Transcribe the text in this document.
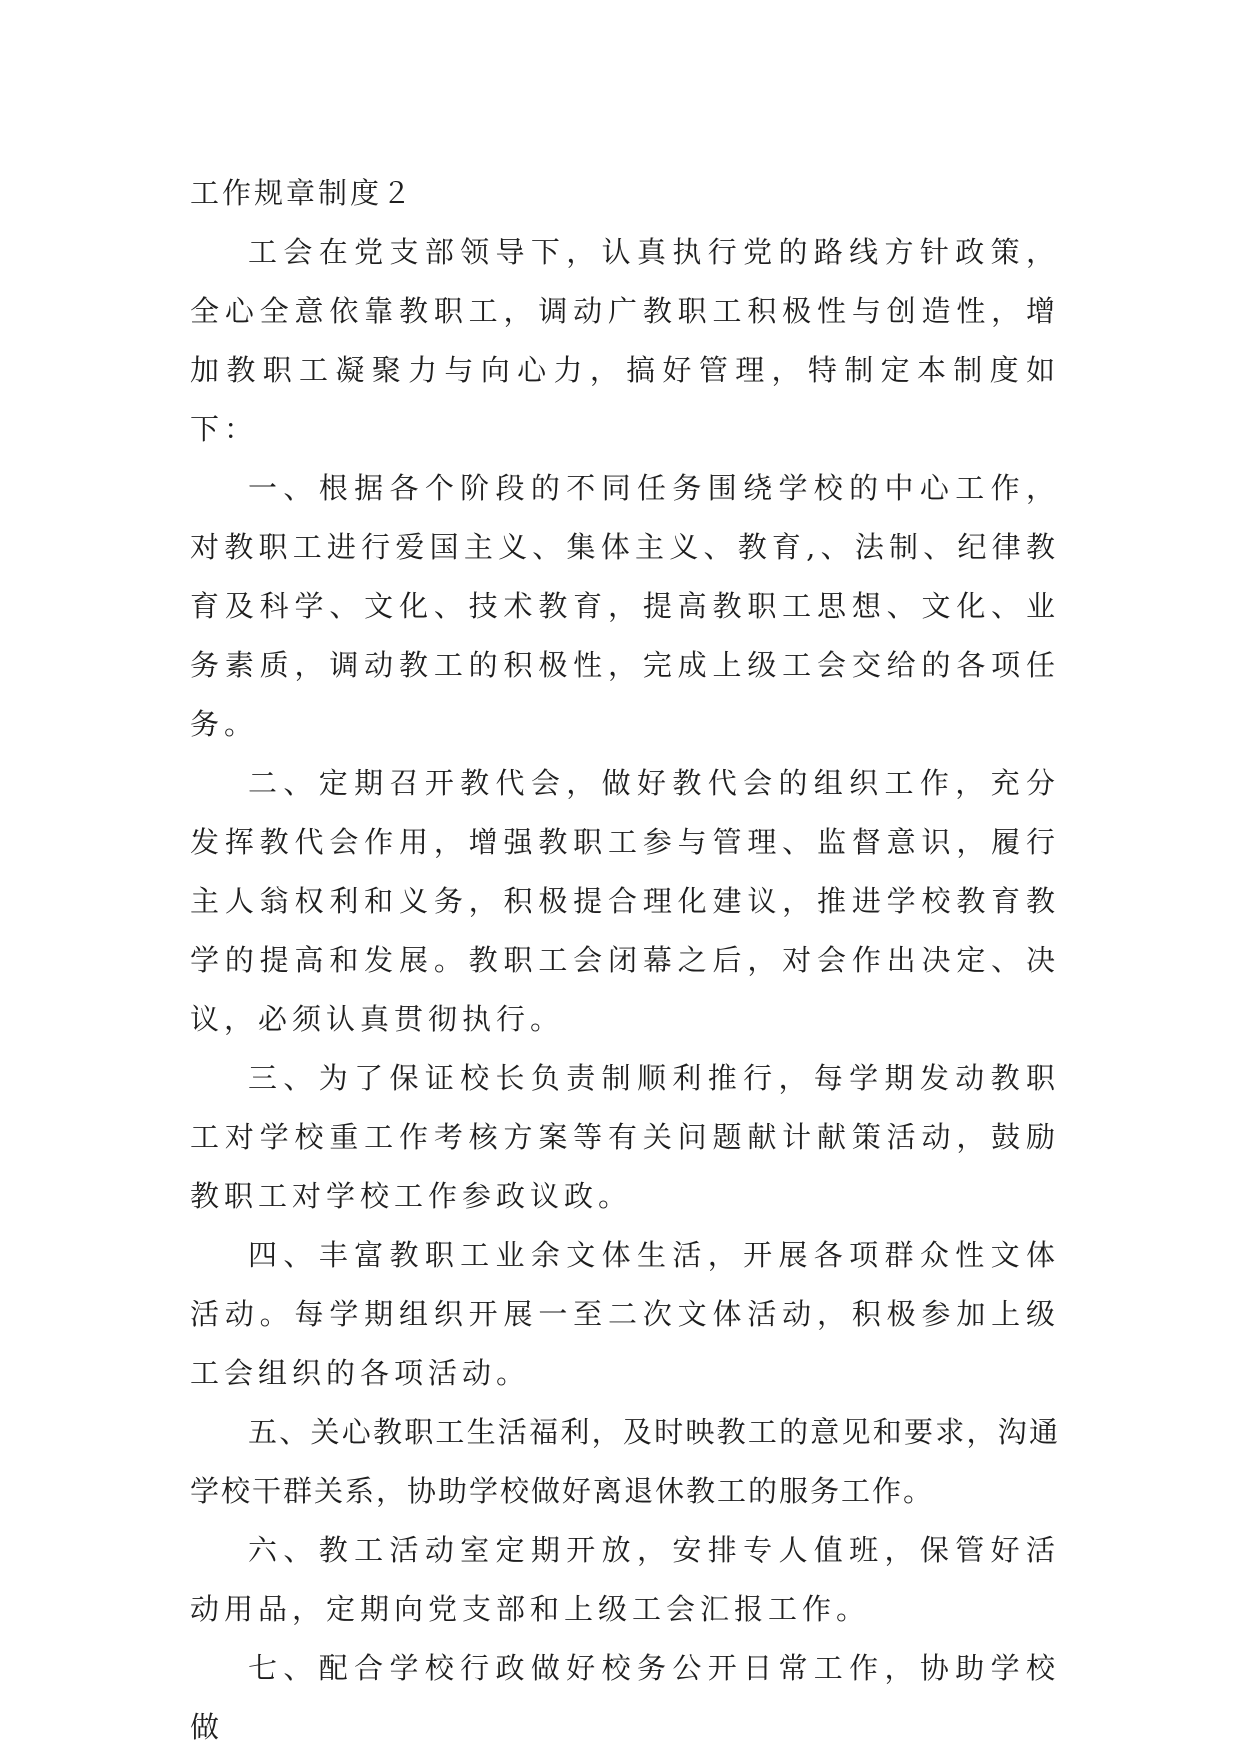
工作规章制度２

工会在党支部领导下，认真执行党的路线方针政策，全心全意依靠教职工，调动广教职工积极性与创造性，增加教职工凝聚力与向心力，搞好管理，特制定本制度如下：

一、根据各个阶段的不同任务围绕学校的中心工作，对教职工进行爱国主义、集体主义、教育,、法制、纪律教育及科学、文化、技术教育，提高教职工思想、文化、业务素质，调动教工的积极性，完成上级工会交给的各项任务。

二、定期召开教代会，做好教代会的组织工作，充分发挥教代会作用，增强教职工参与管理、监督意识，履行主人翁权利和义务，积极提合理化建议，推进学校教育教学的提高和发展。教职工会闭幕之后，对会作出决定、决议，必须认真贯彻执行。

三、为了保证校长负责制顺利推行，每学期发动教职工对学校重工作考核方案等有关问题献计献策活动，鼓励教职工对学校工作参政议政。

四、丰富教职工业余文体生活，开展各项群众性文体活动。每学期组织开展一至二次文体活动，积极参加上级工会组织的各项活动。

五、关心教职工生活福利，及时映教工的意见和要求，沟通学校干群关系，协助学校做好离退休教工的服务工作。

六、教工活动室定期开放，安排专人值班，保管好活动用品，定期向党支部和上级工会汇报工作。

七、配合学校行政做好校务公开日常工作，协助学校做
